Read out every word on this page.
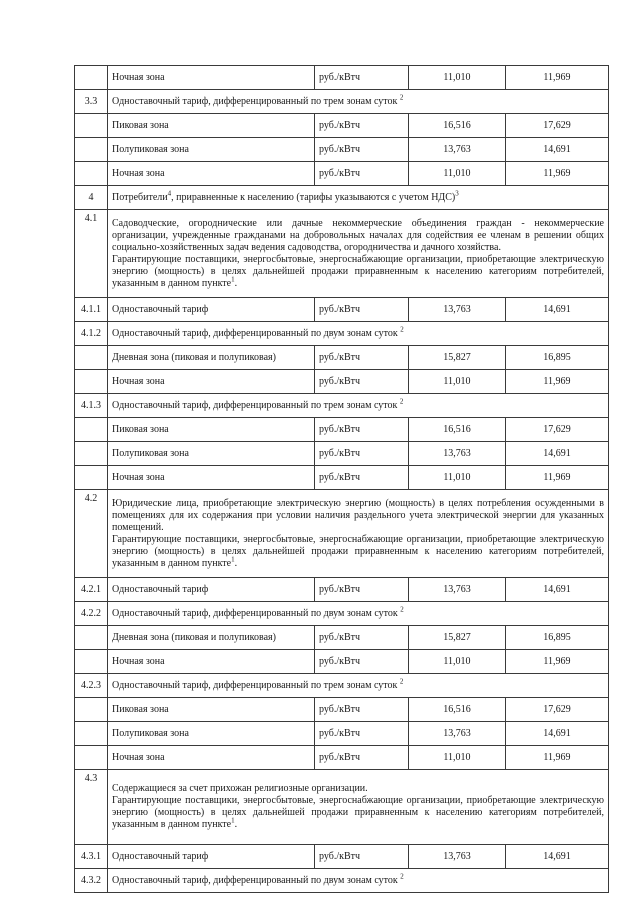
	Ночная зона	руб./кВтч	11,010	11,969
3.3	Одноставочный тариф, дифференцированный по трем зонам суток $^2$
	Пиковая зона	руб./кВтч	16,516	17,629
	Полупиковая зона	руб./кВтч	13,763	14,691
	Ночная зона	руб./кВтч	11,010	11,969
4	Потребители$^4$, приравненные к населению (тарифы указываются с учетом НДС)$^3$
4.1	Садоводческие, огороднические или дачные некоммерческие объединения граждан - некоммерческие организации, учрежденные гражданами на добровольных началах для содействия ее членам в решении общих социально-хозяйственных задач ведения садоводства, огородничества и дачного хозяйства.
Гарантирующие поставщики, энергосбытовые, энергоснабжающие организации, приобретающие электрическую энергию (мощность) в целях дальнейшей продажи приравненным к населению категориям потребителей, указанным в данном пункте$^1$.			

4.1.1	Одноставочный тариф	руб./кВтч	13,763	14,691
4.1.2	Одноставочный тариф, дифференцированный по двум зонам суток $^2$
	Дневная зона (пиковая и полупиковая)	руб./кВтч	15,827	16,895
	Ночная зона	руб./кВтч	11,010	11,969
4.1.3	Одноставочный тариф, дифференцированный по трем зонам суток $^2$
	Пиковая зона	руб./кВтч	16,516	17,629
	Полупиковая зона	руб./кВтч	13,763	14,691
	Ночная зона	руб./кВтч	11,010	11,969
4.2	Юридические лица, приобретающие электрическую энергию (мощность) в целях потребления осужденными в помещениях для их содержания при условии наличия раздельного учета электрической энергии для указанных помещений.
Гарантирующие поставщики, энергосбытовые, энергоснабжающие организации, приобретающие электрическую энергию (мощность) в целях дальнейшей продажи приравненным к населению категориям потребителей, указанным в данном пункте$^1$.			

4.2.1	Одноставочный тариф	руб./кВтч	13,763	14,691
4.2.2	Одноставочный тариф, дифференцированный по двум зонам суток $^2$
	Дневная зона (пиковая и полупиковая)	руб./кВтч	15,827	16,895
	Ночная зона	руб./кВтч	11,010	11,969
4.2.3	Одноставочный тариф, дифференцированный по трем зонам суток $^2$
	Пиковая зона	руб./кВтч	16,516	17,629
	Полупиковая зона	руб./кВтч	13,763	14,691
	Ночная зона	руб./кВтч	11,010	11,969
4.3	Содержащиеся за счет прихожан религиозные организации.
Гарантирующие поставщики, энергосбытовые, энергоснабжающие организации, приобретающие электрическую энергию (мощность) в целях дальнейшей продажи приравненным к населению категориям потребителей, указанным в данном пункте$^1$.			

4.3.1	Одноставочный тариф	руб./кВтч	13,763	14,691
4.3.2	Одноставочный тариф, дифференцированный по двум зонам суток $^2$
